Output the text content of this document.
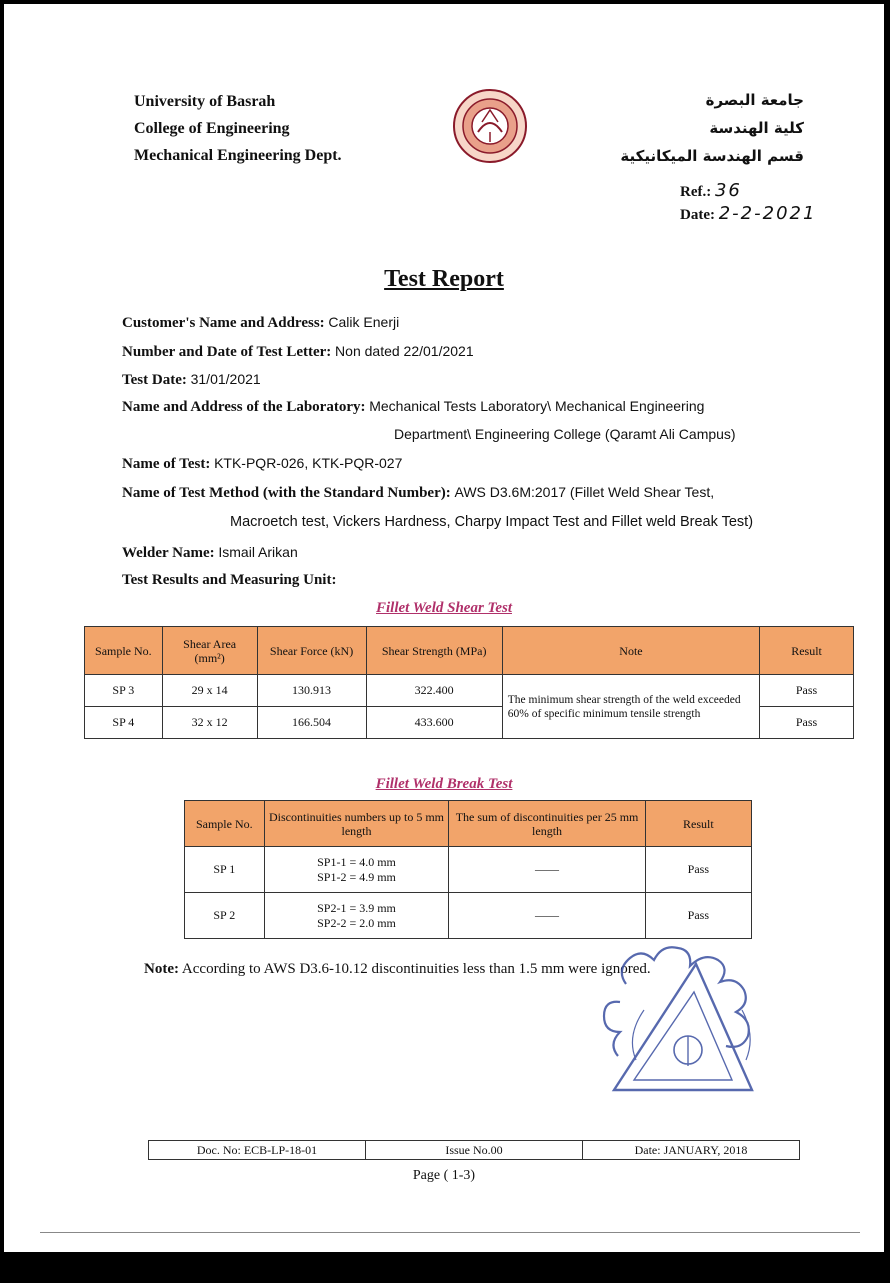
University of Basrah
College of Engineering
Mechanical Engineering Dept.
جامعة البصرة
كلية الهندسة
قسم الهندسة الميكانيكية
Ref.: 36
Date: 2-2-2021
Test Report
Customer's Name and Address: Calik Enerji
Number and Date of Test Letter: Non dated 22/01/2021
Test Date: 31/01/2021
Name and Address of the Laboratory: Mechanical Tests Laboratory\ Mechanical Engineering
Department\ Engineering College (Qaramt Ali Campus)
Name of Test: KTK-PQR-026, KTK-PQR-027
Name of Test Method (with the Standard Number): AWS D3.6M:2017 (Fillet Weld Shear Test,
Macroetch test, Vickers Hardness, Charpy Impact Test and Fillet weld Break Test)
Welder Name: Ismail Arikan
Test Results and Measuring Unit:
Fillet Weld Shear Test
Sample No.	Shear Area (mm²)	Shear Force (kN)	Shear Strength (MPa)	Note	Result
SP 3	29 x 14	130.913	322.400	The minimum shear strength of the weld exceeded 60% of specific minimum tensile strength	Pass
SP 4	32 x 12	166.504	433.600		Pass
Fillet Weld Break Test
Sample No.	Discontinuities numbers up to 5 mm length	The sum of discontinuities per 25 mm length	Result
SP 1	SP1-1 = 4.0 mm
SP1-2 = 4.9 mm	——	Pass
SP 2	SP2-1 = 3.9 mm
SP2-2 = 2.0 mm	——	Pass
Note: According to AWS D3.6-10.12 discontinuities less than 1.5 mm were ignored.
Doc. No: ECB-LP-18-01	Issue No.00	Date: JANUARY, 2018
Page ( 1-3)
